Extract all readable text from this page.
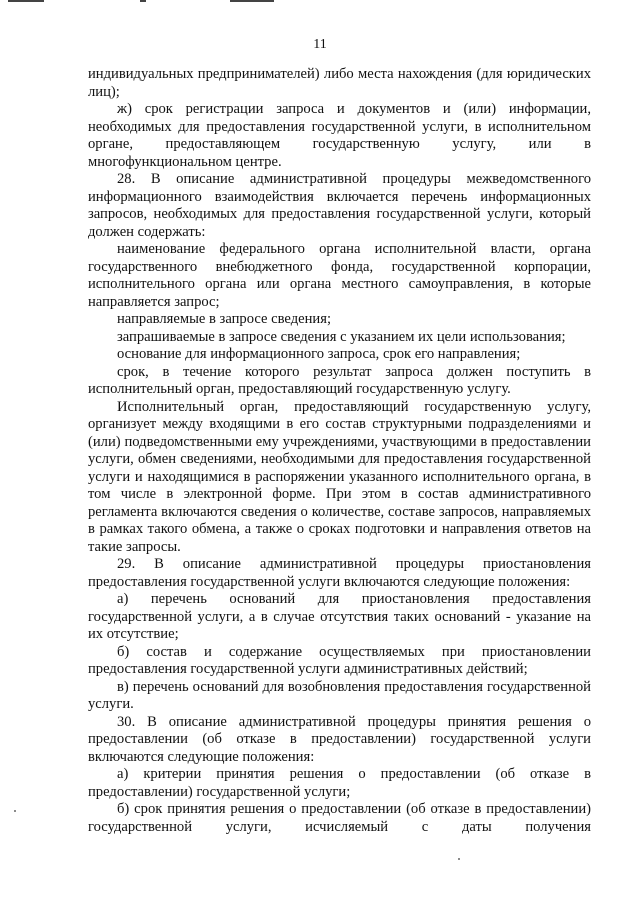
11

индивидуальных предпринимателей) либо места нахождения (для юридических лиц);

ж) срок регистрации запроса и документов и (или) информации, необходимых для предоставления государственной услуги, в исполнительном органе, предоставляющем государственную услугу, или в многофункциональном центре.

28. В описание административной процедуры межведомственного информационного взаимодействия включается перечень информационных запросов, необходимых для предоставления государственной услуги, который должен содержать:

наименование федерального органа исполнительной власти, органа государственного внебюджетного фонда, государственной корпорации, исполнительного органа или органа местного самоуправления, в которые направляется запрос;

направляемые в запросе сведения;

запрашиваемые в запросе сведения с указанием их цели использования;

основание для информационного запроса, срок его направления;

срок, в течение которого результат запроса должен поступить в исполнительный орган, предоставляющий государственную услугу.

Исполнительный орган, предоставляющий государственную услугу, организует между входящими в его состав структурными подразделениями и (или) подведомственными ему учреждениями, участвующими в предоставлении услуги, обмен сведениями, необходимыми для предоставления государственной услуги и находящимися в распоряжении указанного исполнительного органа, в том числе в электронной форме. При этом в состав административного регламента включаются сведения о количестве, составе запросов, направляемых в рамках такого обмена, а также о сроках подготовки и направления ответов на такие запросы.

29. В описание административной процедуры приостановления предоставления государственной услуги включаются следующие положения:

а) перечень оснований для приостановления предоставления государственной услуги, а в случае отсутствия таких оснований - указание на их отсутствие;

б) состав и содержание осуществляемых при приостановлении предоставления государственной услуги административных действий;

в) перечень оснований для возобновления предоставления государственной услуги.

30. В описание административной процедуры принятия решения о предоставлении (об отказе в предоставлении) государственной услуги включаются следующие положения:

а) критерии принятия решения о предоставлении (об отказе в предоставлении) государственной услуги;

б) срок принятия решения о предоставлении (об отказе в предоставлении) государственной услуги, исчисляемый с даты получения
